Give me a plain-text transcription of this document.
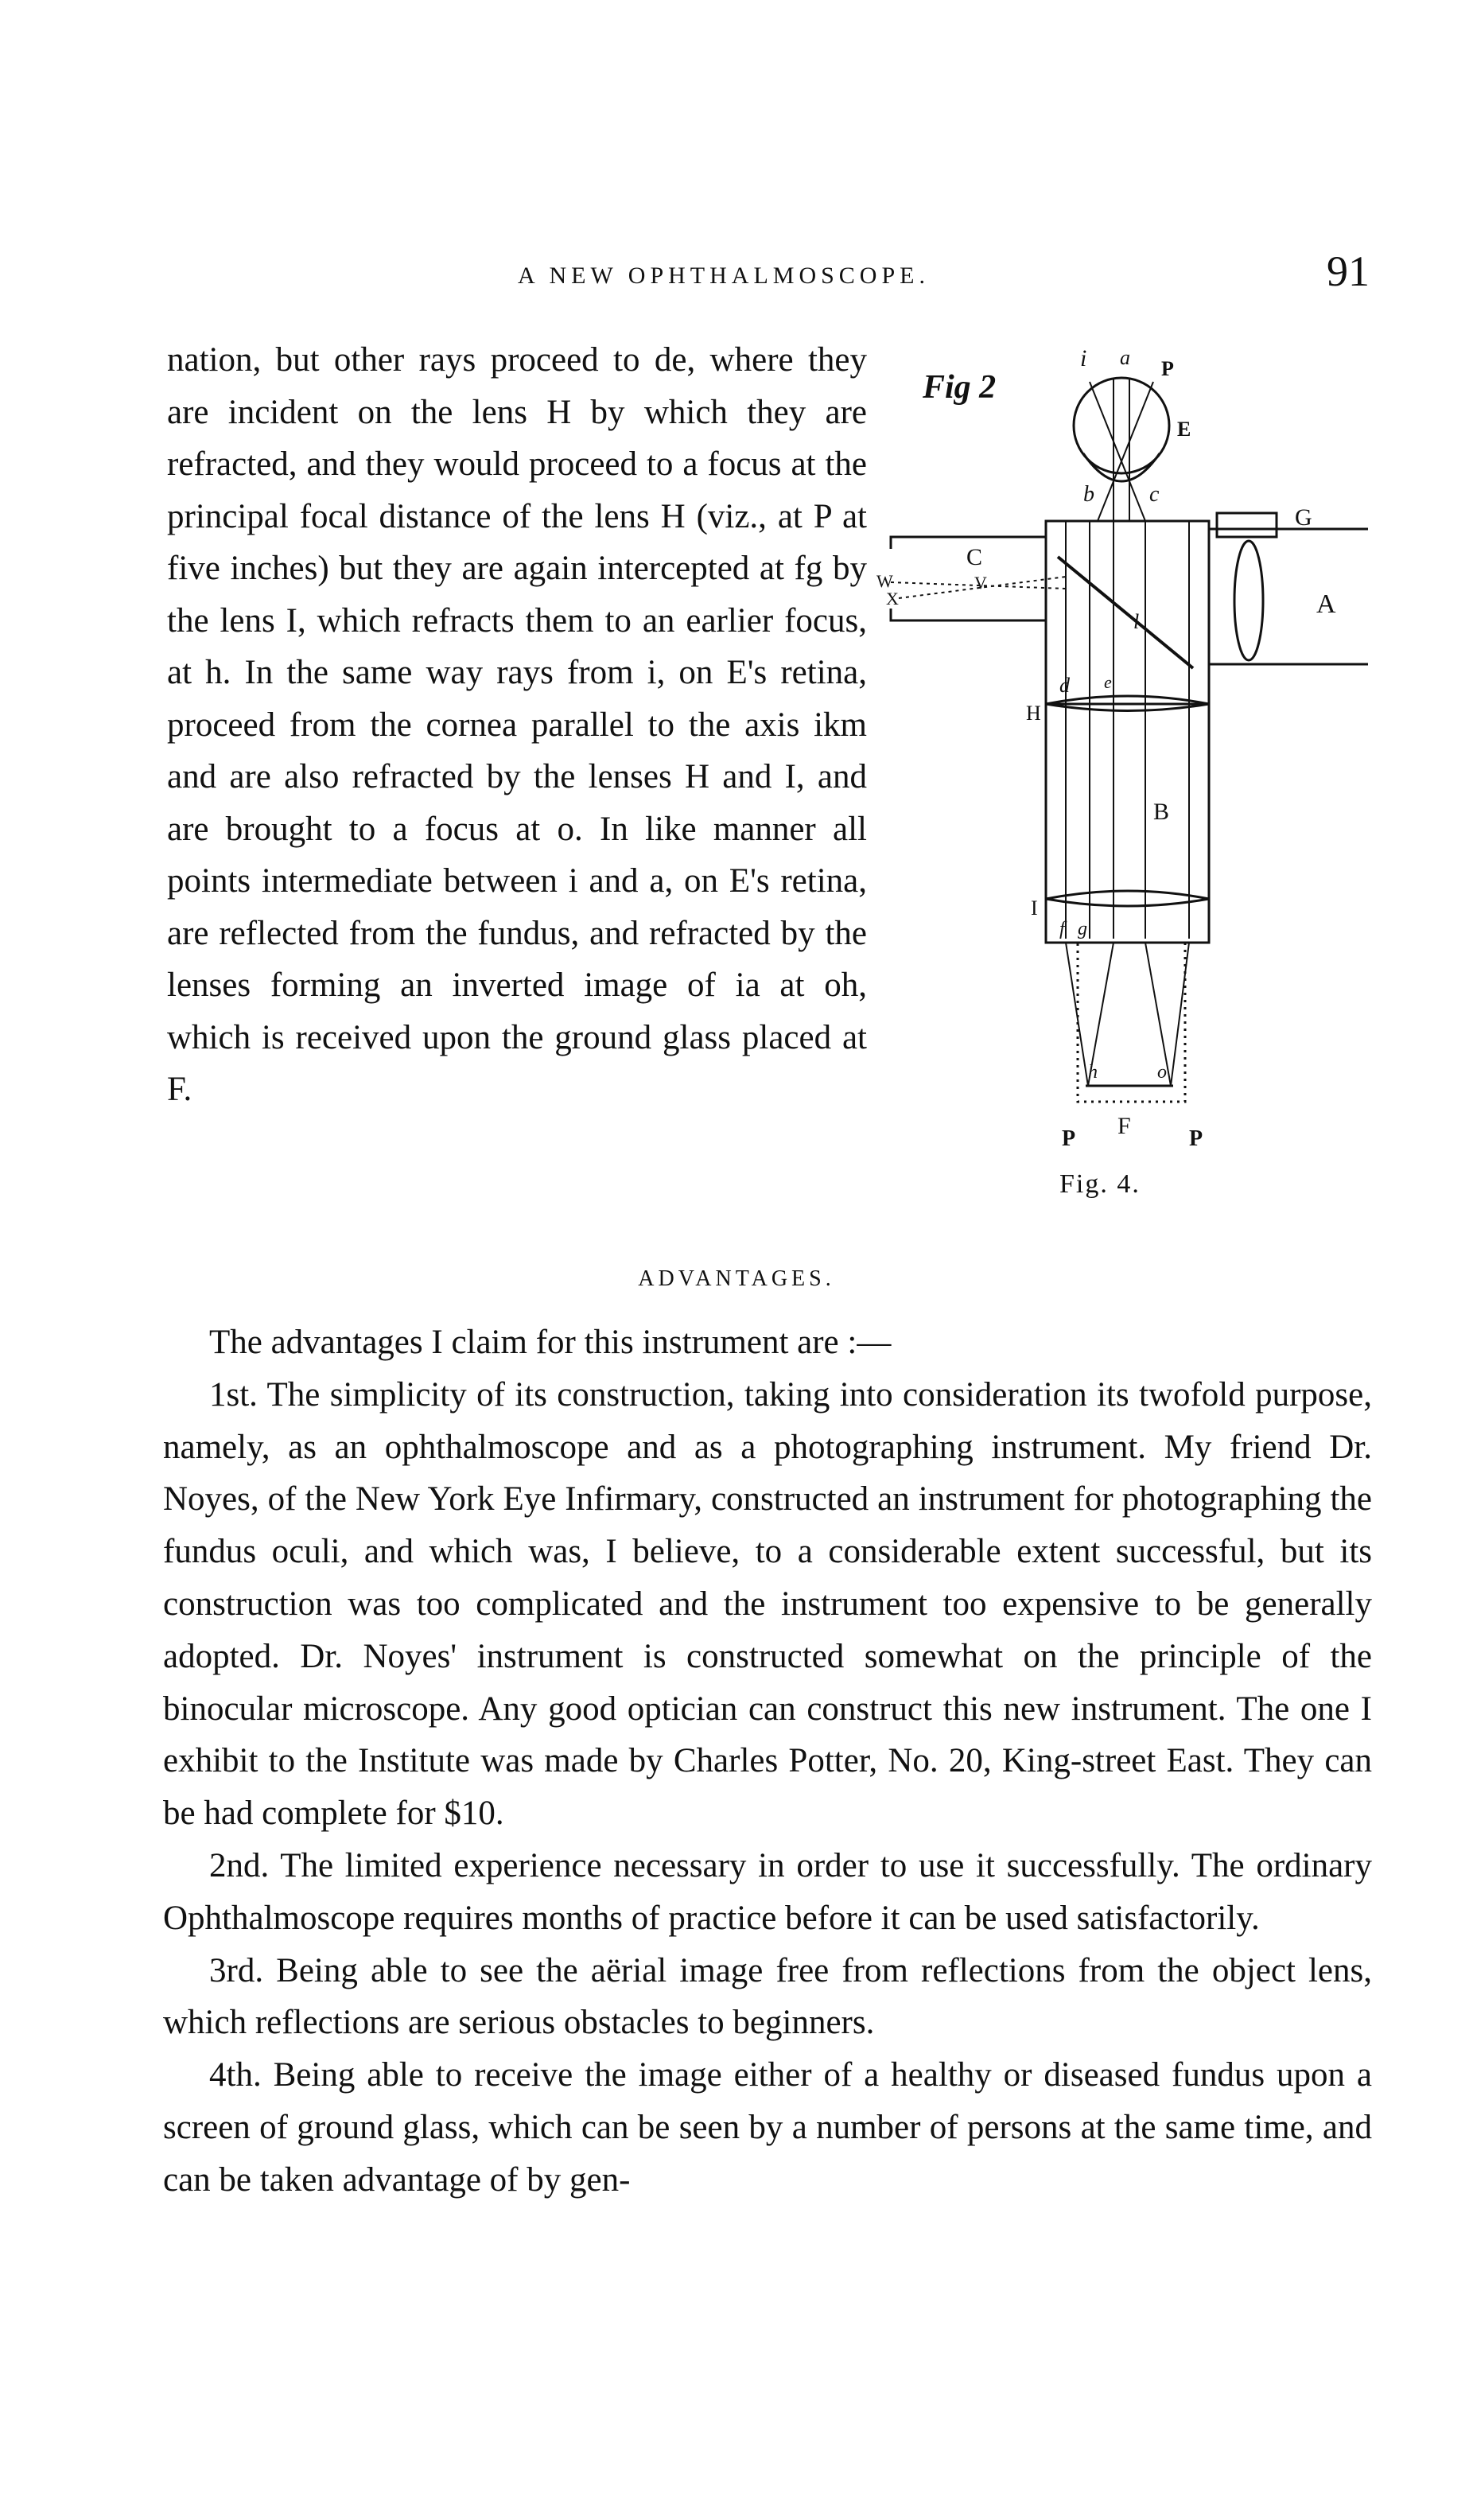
A NEW OPHTHALMOSCOPE.	91
nation, but other rays proceed to de, where they are incident on the lens H by which they are refracted, and they would proceed to a focus at the principal focal distance of the lens H (viz., at P at five inches) but they are again intercepted at fg by the lens I, which refracts them to an earlier focus, at h. In the same way rays from i, on E's retina, proceed from the cornea parallel to the axis ikm and are also refracted by the lenses H and I, and are brought to a focus at o. In like manner all points intermediate between i and a, on E's retina, are reflected from the fundus, and refracted by the lenses forming an inverted image of ia at oh, which is received upon the ground glass placed at F.
Fig 2
i a P
E
b c
C
W
X
V
G
A
l
H
d e
B
I
f g
h	o
F
P	P
Fig. 4.
ADVANTAGES.

The advantages I claim for this instrument are :—

1st. The simplicity of its construction, taking into consideration its twofold purpose, namely, as an ophthalmoscope and as a photographing instrument. My friend Dr. Noyes, of the New York Eye Infirmary, constructed an instrument for photographing the fundus oculi, and which was, I believe, to a considerable extent successful, but its construction was too complicated and the instrument too expensive to be generally adopted. Dr. Noyes' instrument is constructed somewhat on the principle of the binocular microscope. Any good optician can construct this new instrument. The one I exhibit to the Institute was made by Charles Potter, No. 20, King-street East. They can be had complete for $10.

2nd. The limited experience necessary in order to use it successfully. The ordinary Ophthalmoscope requires months of practice before it can be used satisfactorily.

3rd. Being able to see the aërial image free from reflections from the object lens, which reflections are serious obstacles to beginners.

4th. Being able to receive the image either of a healthy or diseased fundus upon a screen of ground glass, which can be seen by a number of persons at the same time, and can be taken advantage of by gen-
